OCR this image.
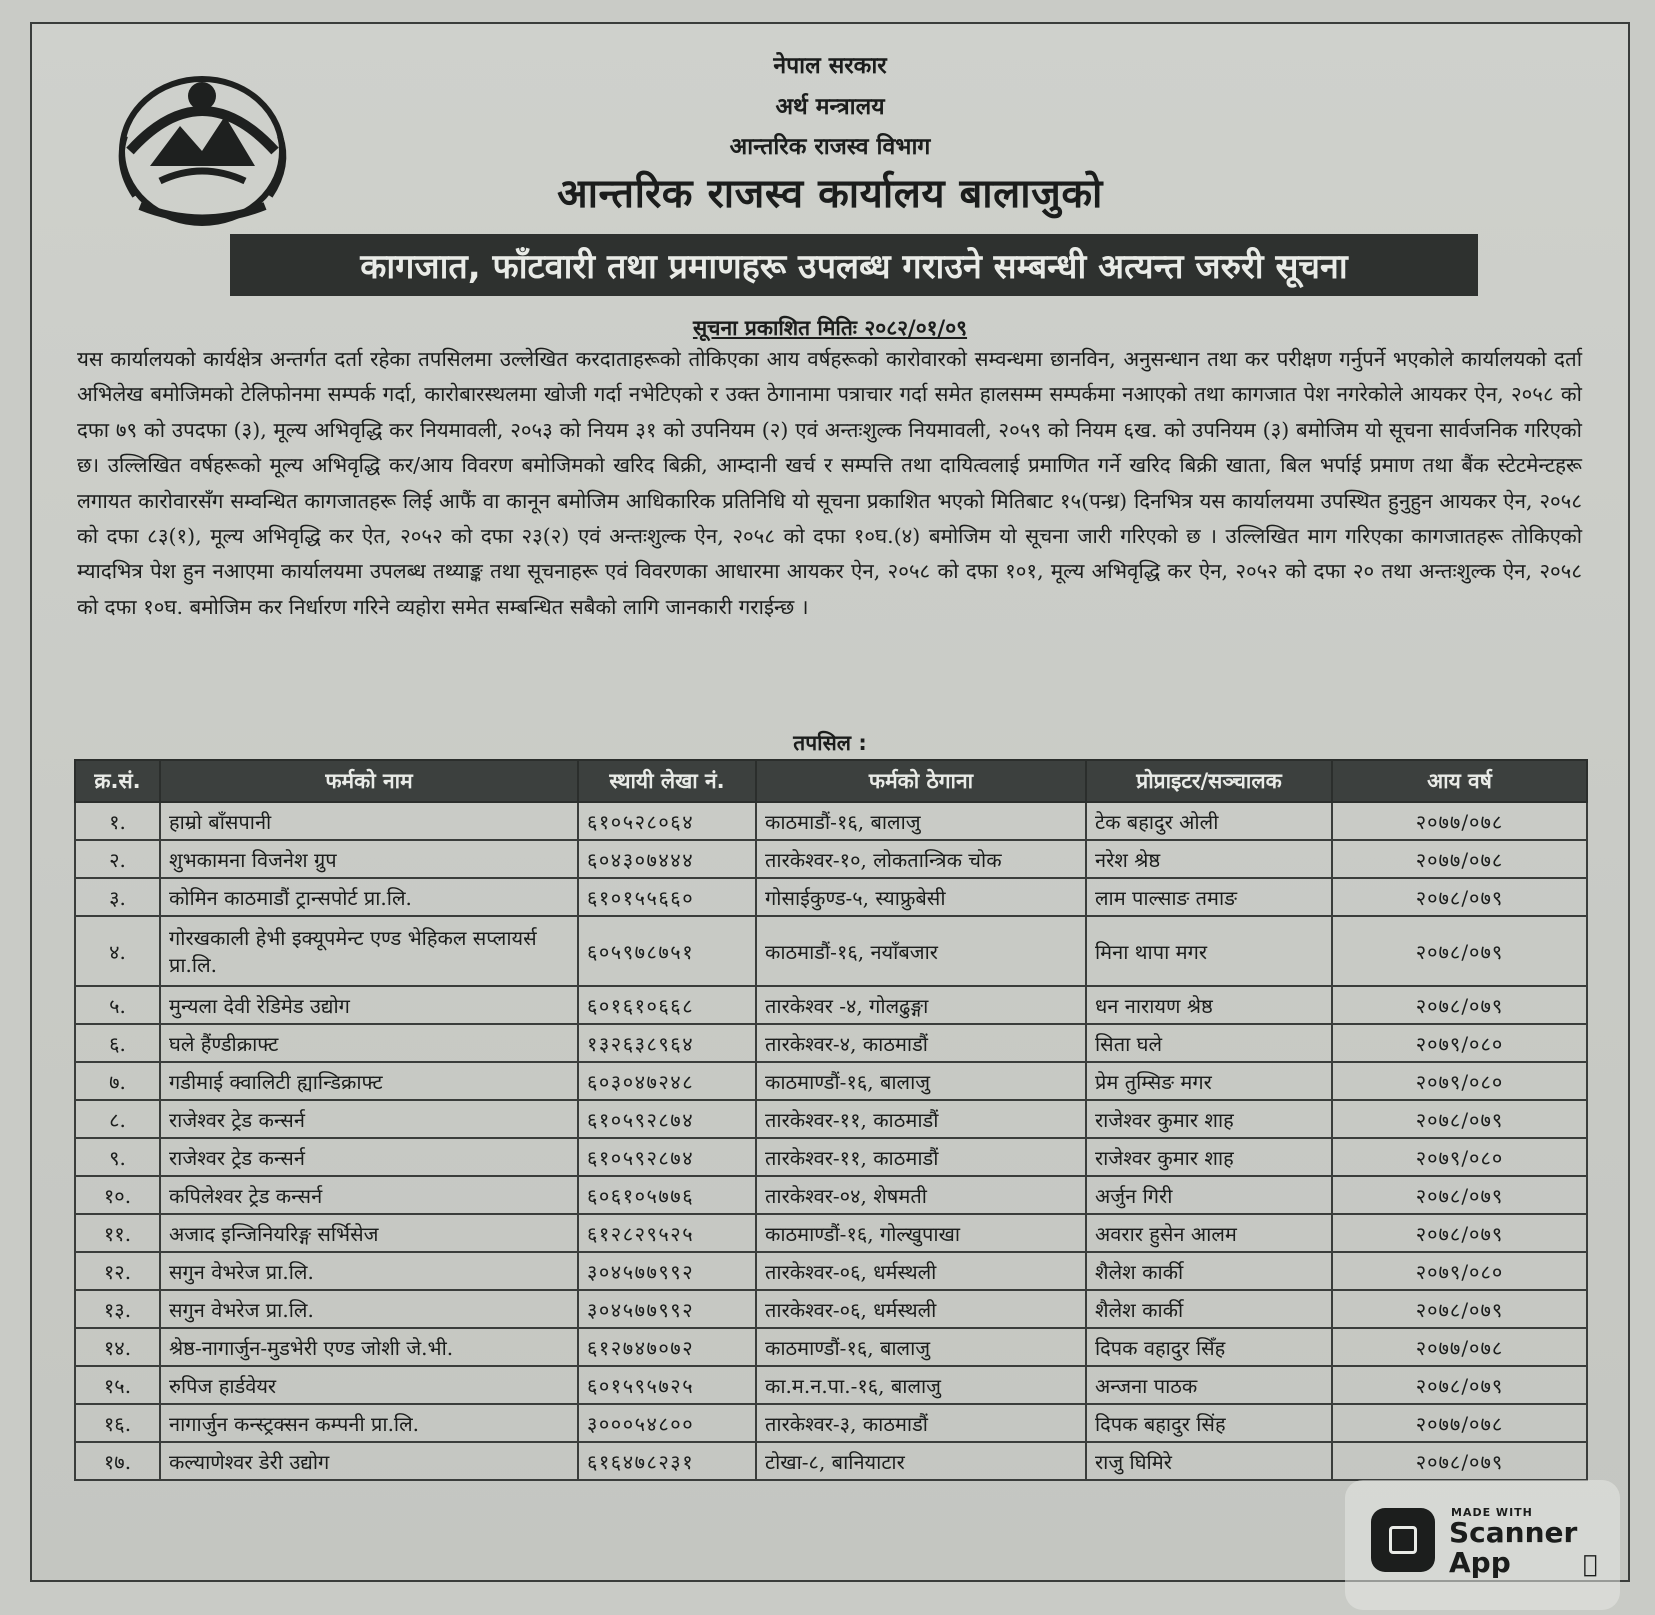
नेपाल सरकार
अर्थ मन्त्रालय
आन्तरिक राजस्व विभाग
आन्तरिक राजस्व कार्यालय बालाजुको
कागजात, फाँटवारी तथा प्रमाणहरू उपलब्ध गराउने सम्बन्धी अत्यन्त जरुरी सूचना
सूचना प्रकाशित मितिः २०८२/०१/०९
यस कार्यालयको कार्यक्षेत्र अन्तर्गत दर्ता रहेका तपसिलमा उल्लेखित करदाताहरूको तोकिएका आय वर्षहरूको कारोवारको सम्वन्धमा छानविन, अनुसन्धान तथा कर परीक्षण गर्नुपर्ने भएकोले कार्यालयको दर्ता अभिलेख बमोजिमको टेलिफोनमा सम्पर्क गर्दा, कारोबारस्थलमा खोजी गर्दा नभेटिएको र उक्त ठेगानामा पत्राचार गर्दा समेत हालसम्म सम्पर्कमा नआएको तथा कागजात पेश नगरेकोले आयकर ऐन, २०५८ को दफा ७९ को उपदफा (३), मूल्य अभिवृद्धि कर नियमावली, २०५३ को नियम ३१ को उपनियम (२) एवं अन्तःशुल्क नियमावली, २०५९ को नियम ६ख. को उपनियम (३) बमोजिम यो सूचना सार्वजनिक गरिएको छ। उल्लिखित वर्षहरूको मूल्य अभिवृद्धि कर/आय विवरण बमोजिमको खरिद बिक्री, आम्दानी खर्च र सम्पत्ति तथा दायित्वलाई प्रमाणित गर्ने खरिद बिक्री खाता, बिल भर्पाई प्रमाण तथा बैंक स्टेटमेन्टहरू लगायत कारोवारसँग सम्वन्धित कागजातहरू लिई आफैं वा कानून बमोजिम आधिकारिक प्रतिनिधि यो सूचना प्रकाशित भएको मितिबाट १५(पन्ध्र) दिनभित्र यस कार्यालयमा उपस्थित हुनुहुन आयकर ऐन, २०५८ को दफा ८३(१), मूल्य अभिवृद्धि कर ऐत, २०५२ को दफा २३(२) एवं अन्तःशुल्क ऐन, २०५८ को दफा १०घ.(४) बमोजिम यो सूचना जारी गरिएको छ । उल्लिखित माग गरिएका कागजातहरू तोकिएको म्यादभित्र पेश हुन नआएमा कार्यालयमा उपलब्ध तथ्याङ्क तथा सूचनाहरू एवं विवरणका आधारमा आयकर ऐन, २०५८ को दफा १०१, मूल्य अभिवृद्धि कर ऐन, २०५२ को दफा २० तथा अन्तःशुल्क ऐन, २०५८ को दफा १०घ. बमोजिम कर निर्धारण गरिने व्यहोरा समेत सम्बन्धित सबैको लागि जानकारी गराईन्छ ।
तपसिल :
क्र.सं.	फर्मको नाम	स्थायी लेखा नं.	फर्मको ठेगाना	प्रोप्राइटर/सञ्चालक	आय वर्ष
१.	हाम्रो बाँसपानी	६१०५२८०६४	काठमाडौं-१६, बालाजु	टेक बहादुर ओली	२०७७/०७८
२.	शुभकामना विजनेश ग्रुप	६०४३०७४४४	तारकेश्वर-१०, लोकतान्त्रिक चोक	नरेश श्रेष्ठ	२०७७/०७८
३.	कोमिन काठमाडौं ट्रान्सपोर्ट प्रा.लि.	६१०१५५६६०	गोसाईकुण्ड-५, स्याफ्रुबेसी	लाम पाल्साङ तमाङ	२०७८/०७९
४.	गोरखकाली हेभी इक्यूपमेन्ट एण्ड भेहिकल सप्लायर्स प्रा.लि.	६०५९७८७५१	काठमाडौं-१६, नयाँबजार	मिना थापा मगर	२०७८/०७९
५.	मुन्यला देवी रेडिमेड उद्योग	६०१६१०६६८	तारकेश्वर -४, गोलढुङ्गा	धन नारायण श्रेष्ठ	२०७८/०७९
६.	घले हैंण्डीक्राफ्ट	१३२६३८९६४	तारकेश्वर-४, काठमाडौं	सिता घले	२०७९/०८०
७.	गडीमाई क्वालिटी ह्यान्डिक्राफ्ट	६०३०४७२४८	काठमाण्डौं-१६, बालाजु	प्रेम तुम्सिङ मगर	२०७९/०८०
८.	राजेश्वर ट्रेड कन्सर्न	६१०५९२८७४	तारकेश्वर-११, काठमाडौं	राजेश्वर कुमार शाह	२०७८/०७९
९.	राजेश्वर ट्रेड कन्सर्न	६१०५९२८७४	तारकेश्वर-११, काठमाडौं	राजेश्वर कुमार शाह	२०७९/०८०
१०.	कपिलेश्वर ट्रेड कन्सर्न	६०६१०५७७६	तारकेश्वर-०४, शेषमती	अर्जुन गिरी	२०७८/०७९
११.	अजाद इन्जिनियरिङ्ग सर्भिसेज	६१२८२९५२५	काठमाण्डौं-१६, गोल्खुपाखा	अवरार हुसेन आलम	२०७८/०७९
१२.	सगुन वेभरेज प्रा.लि.	३०४५७७९९२	तारकेश्वर-०६, धर्मस्थली	शैलेश कार्की	२०७९/०८०
१३.	सगुन वेभरेज प्रा.लि.	३०४५७७९९२	तारकेश्वर-०६, धर्मस्थली	शैलेश कार्की	२०७८/०७९
१४.	श्रेष्ठ-नागार्जुन-मुडभेरी एण्ड जोशी जे.भी.	६१२७४७०७२	काठमाण्डौं-१६, बालाजु	दिपक वहादुर सिँह	२०७७/०७८
१५.	रुपिज हार्डवेयर	६०१५९५७२५	का.म.न.पा.-१६, बालाजु	अन्जना पाठक	२०७८/०७९
१६.	नागार्जुन कन्स्ट्रक्सन कम्पनी प्रा.लि.	३०००५४८००	तारकेश्वर-३, काठमाडौं	दिपक बहादुर सिंह	२०७७/०७८
१७.	कल्याणेश्वर डेरी उद्योग	६१६४७८२३१	टोखा-८, बानियाटार	राजु घिमिरे	२०७८/०७९
MADE WITH
Scanner App
